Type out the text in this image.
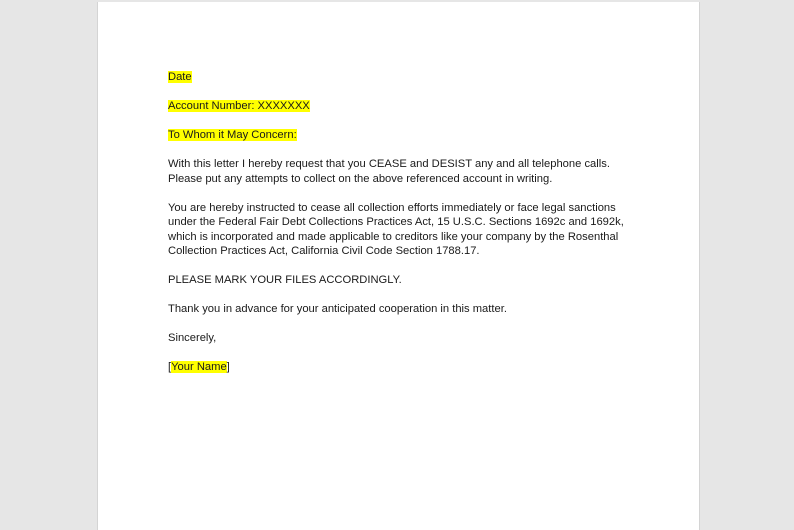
Date

Account Number: XXXXXXX

To Whom it May Concern:

With this letter I hereby request that you CEASE and DESIST any and all telephone calls.  Please put any attempts to collect on the above referenced account in writing.

You are hereby instructed to cease all collection efforts immediately or face legal sanctions under the Federal Fair Debt Collections Practices Act, 15 U.S.C. Sections 1692c and 1692k, which is incorporated and made applicable to creditors like your company by the Rosenthal Collection Practices Act, California Civil Code Section 1788.17.

PLEASE MARK YOUR FILES ACCORDINGLY.

Thank you in advance for your anticipated cooperation in this matter.

Sincerely,

[Your Name]
